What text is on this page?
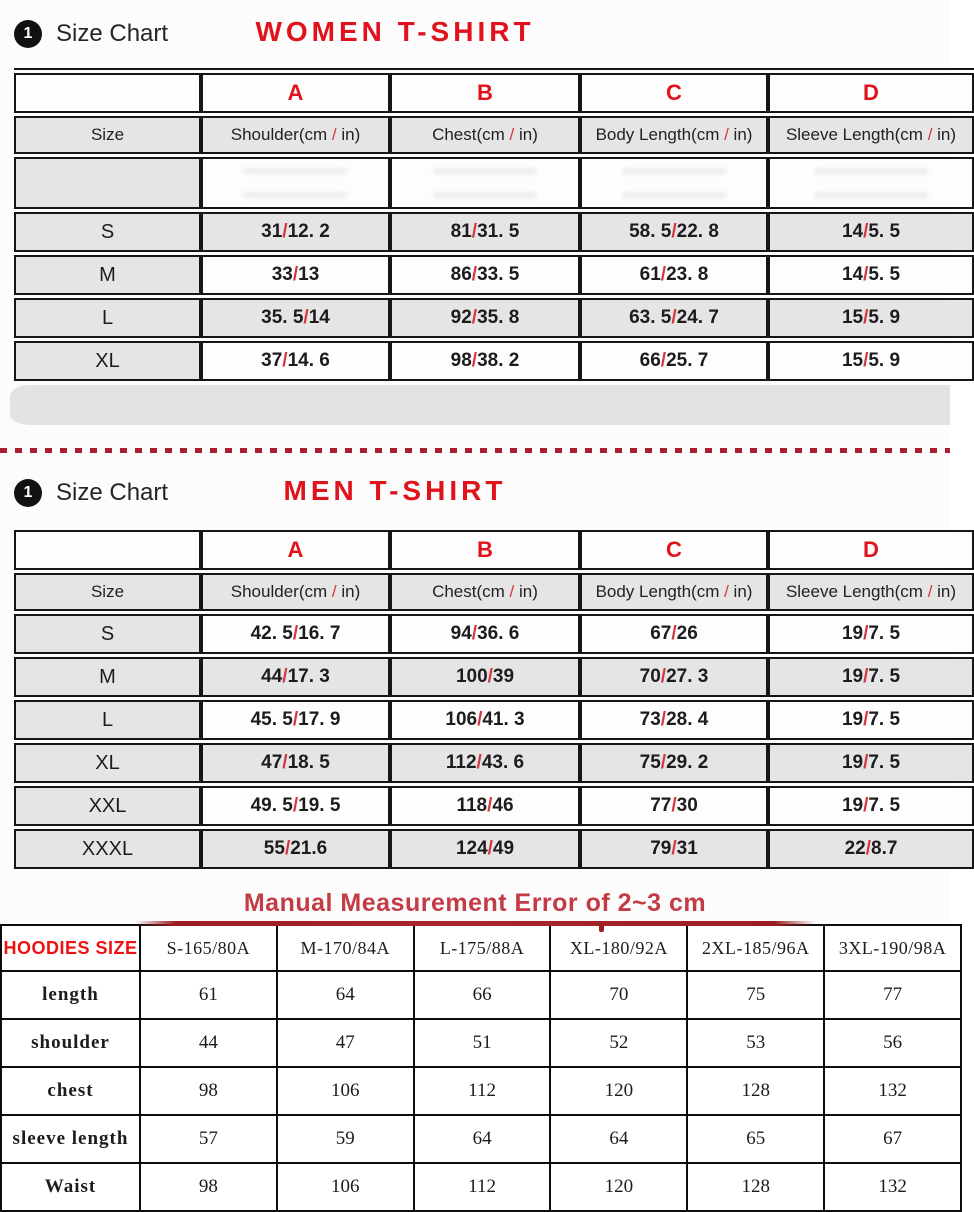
1 Size Chart	WOMEN T-SHIRT
	A	B	C	D
Size	Shoulder(cm / in)	Chest(cm / in)	Body Length(cm / in)	Sleeve Length(cm / in)

S	31/12. 2	81/31. 5	58. 5/22. 8	14/5. 5
M	33/13	86/33. 5	61/23. 8	14/5. 5
L	35. 5/14	92/35. 8	63. 5/24. 7	15/5. 9
XL	37/14. 6	98/38. 2	66/25. 7	15/5. 9
1 Size Chart	MEN T-SHIRT
	A	B	C	D
Size	Shoulder(cm / in)	Chest(cm / in)	Body Length(cm / in)	Sleeve Length(cm / in)
S	42. 5/16. 7	94/36. 6	67/26	19/7. 5
M	44/17. 3	100/39	70/27. 3	19/7. 5
L	45. 5/17. 9	106/41. 3	73/28. 4	19/7. 5
XL	47/18. 5	112/43. 6	75/29. 2	19/7. 5
XXL	49. 5/19. 5	118/46	77/30	19/7. 5
XXXL	55/21.6	124/49	79/31	22/8.7
Manual Measurement Error of 2~3 cm
HOODIES SIZE	S-165/80A	M-170/84A	L-175/88A	XL-180/92A	2XL-185/96A	3XL-190/98A
length	61	64	66	70	75	77
shoulder	44	47	51	52	53	56
chest	98	106	112	120	128	132
sleeve length	57	59	64	64	65	67
Waist	98	106	112	120	128	132
